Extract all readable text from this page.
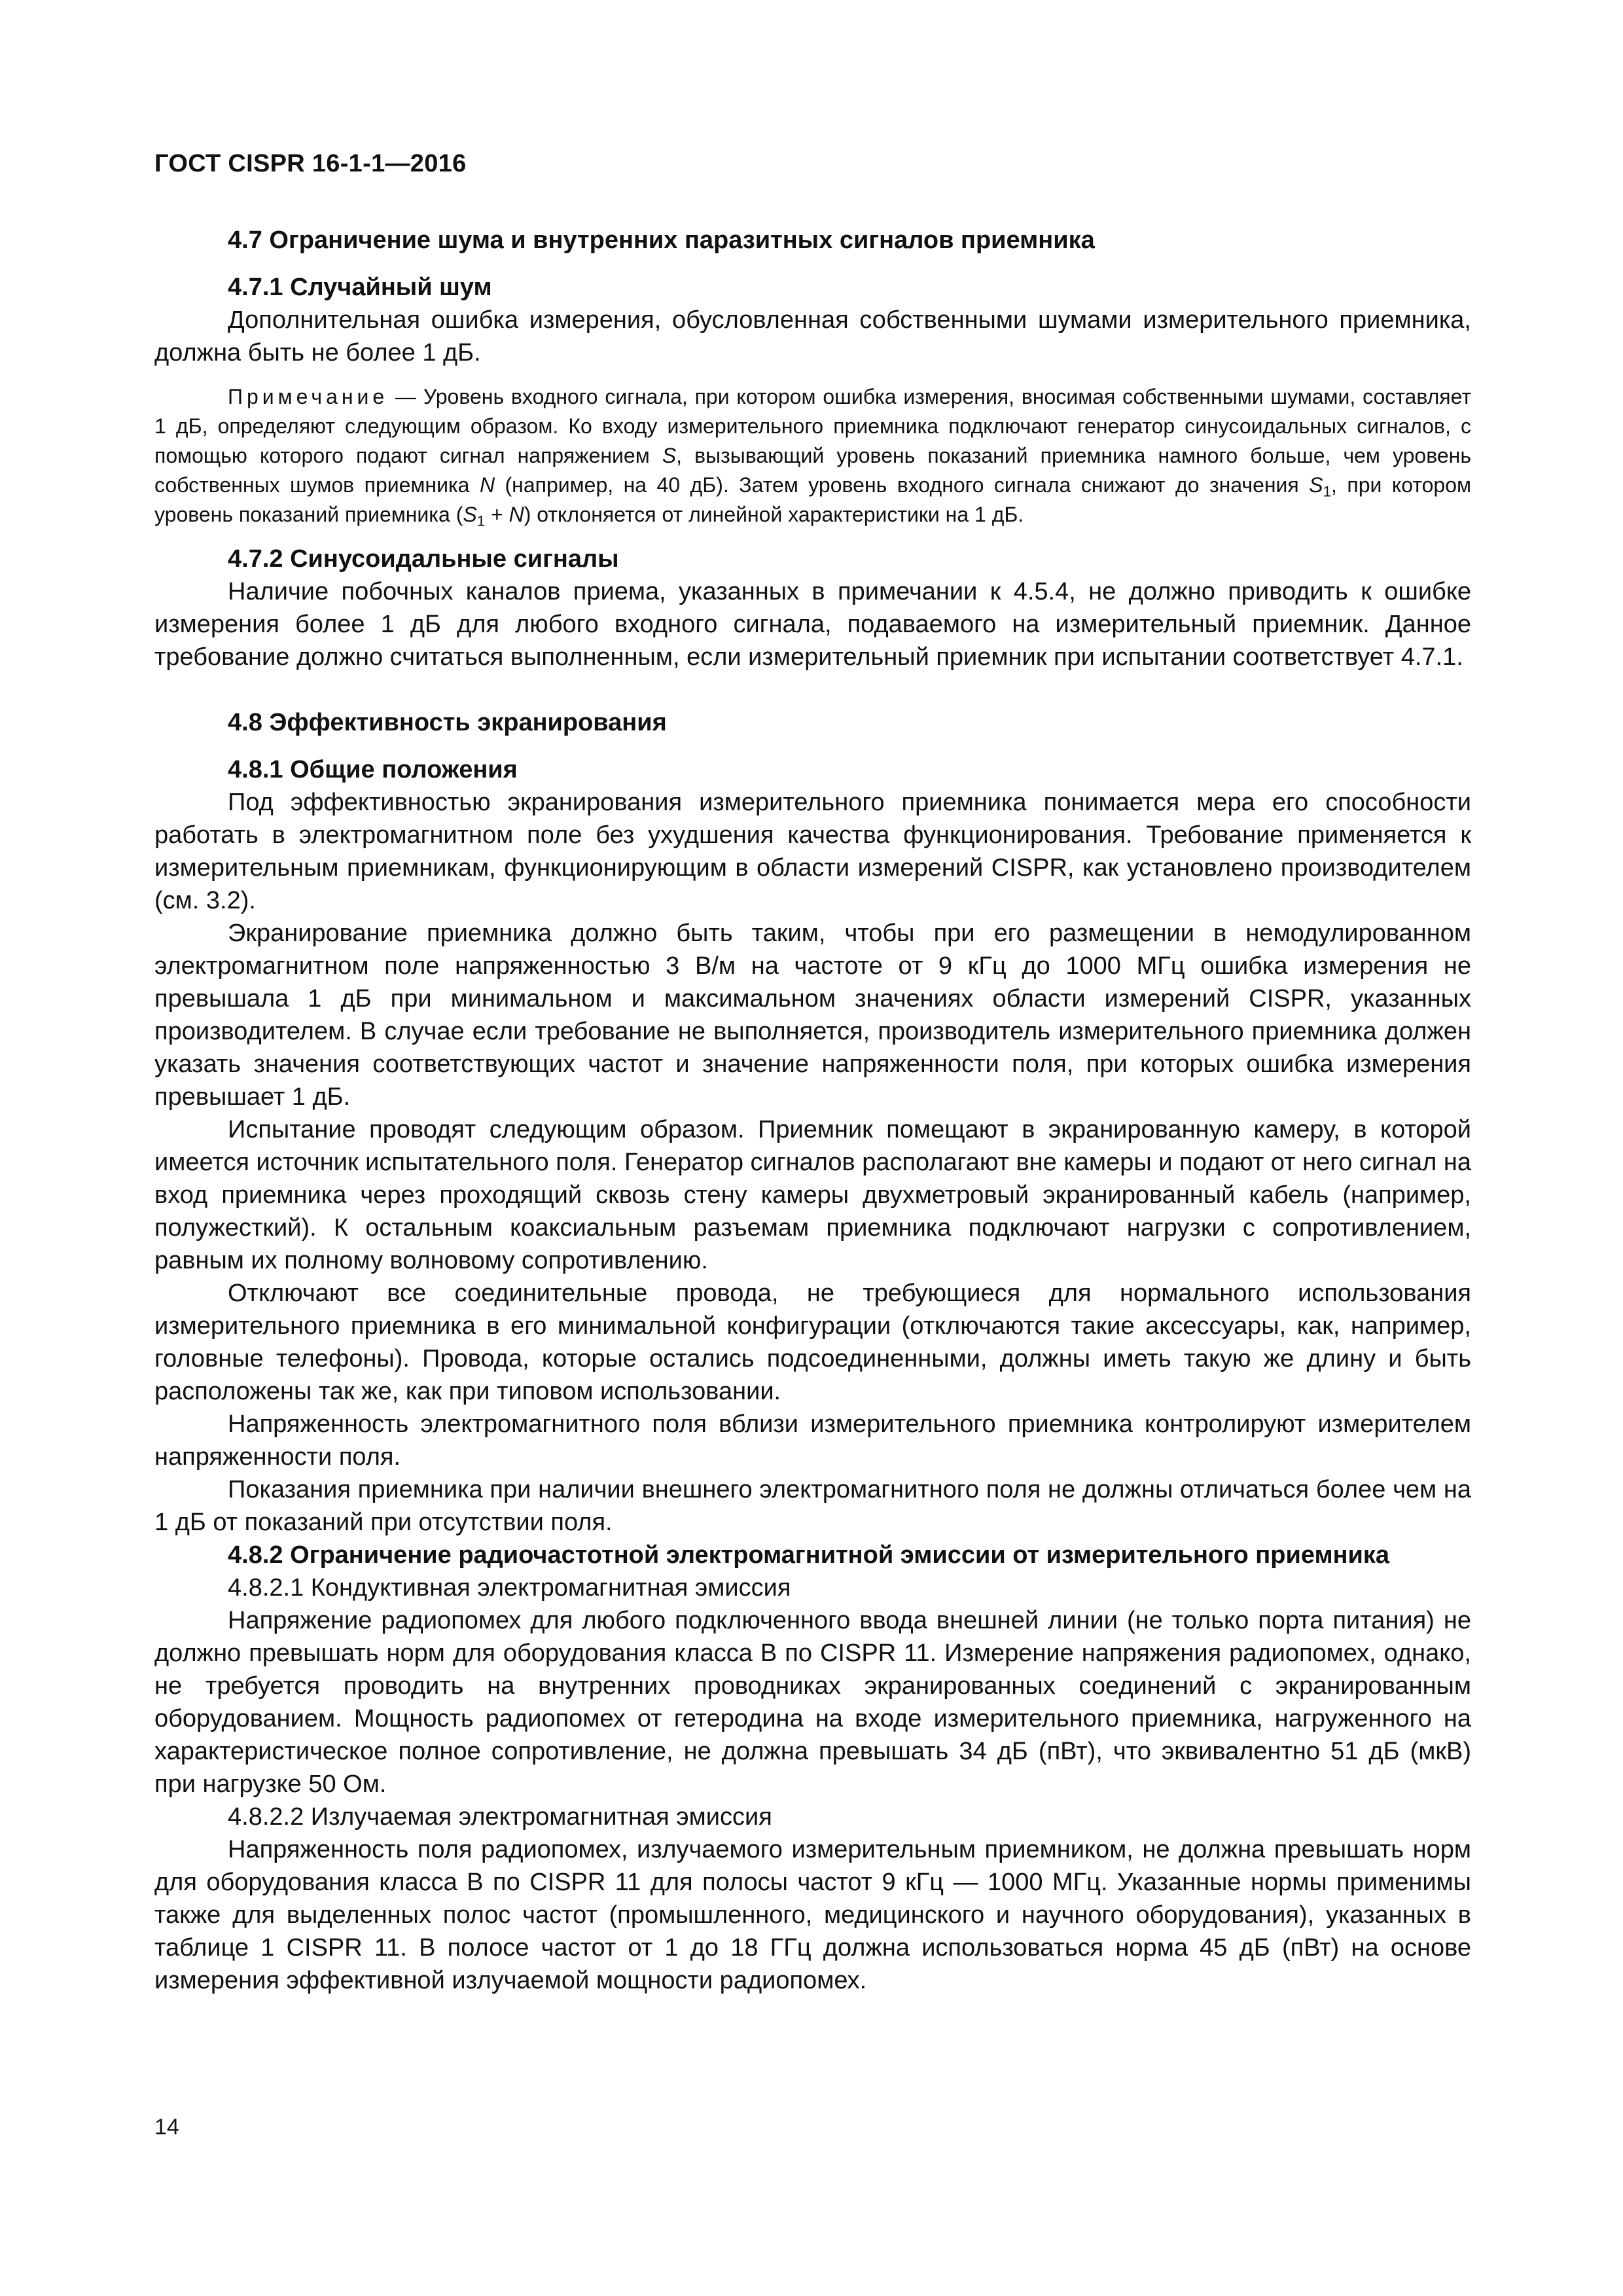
ГОСТ CISPR 16-1-1—2016

4.7 Ограничение шума и внутренних паразитных сигналов приемника

4.7.1 Случайный шум

Дополнительная ошибка измерения, обусловленная собственными шумами измерительного приемника, должна быть не более 1 дБ.

Примечание — Уровень входного сигнала, при котором ошибка измерения, вносимая собственными шумами, составляет 1 дБ, определяют следующим образом. Ко входу измерительного приемника подключают генератор синусоидальных сигналов, с помощью которого подают сигнал напряжением S, вызывающий уровень показаний приемника намного больше, чем уровень собственных шумов приемника N (например, на 40 дБ). Затем уровень входного сигнала снижают до значения $S_1$, при котором уровень показаний приемника $(S_1 + N)$ отклоняется от линейной характеристики на 1 дБ.

4.7.2 Синусоидальные сигналы

Наличие побочных каналов приема, указанных в примечании к 4.5.4, не должно приводить к ошибке измерения более 1 дБ для любого входного сигнала, подаваемого на измерительный приемник. Данное требование должно считаться выполненным, если измерительный приемник при испытании соответствует 4.7.1.

4.8 Эффективность экранирования

4.8.1 Общие положения

Под эффективностью экранирования измерительного приемника понимается мера его способности работать в электромагнитном поле без ухудшения качества функционирования. Требование применяется к измерительным приемникам, функционирующим в области измерений CISPR, как установлено производителем (см. 3.2).

Экранирование приемника должно быть таким, чтобы при его размещении в немодулированном электромагнитном поле напряженностью 3 В/м на частоте от 9 кГц до 1000 МГц ошибка измерения не превышала 1 дБ при минимальном и максимальном значениях области измерений CISPR, указанных производителем. В случае если требование не выполняется, производитель измерительного приемника должен указать значения соответствующих частот и значение напряженности поля, при которых ошибка измерения превышает 1 дБ.

Испытание проводят следующим образом. Приемник помещают в экранированную камеру, в которой имеется источник испытательного поля. Генератор сигналов располагают вне камеры и подают от него сигнал на вход приемника через проходящий сквозь стену камеры двухметровый экранированный кабель (например, полужесткий). К остальным коаксиальным разъемам приемника подключают нагрузки с сопротивлением, равным их полному волновому сопротивлению.

Отключают все соединительные провода, не требующиеся для нормального использования измерительного приемника в его минимальной конфигурации (отключаются такие аксессуары, как, например, головные телефоны). Провода, которые остались подсоединенными, должны иметь такую же длину и быть расположены так же, как при типовом использовании.

Напряженность электромагнитного поля вблизи измерительного приемника контролируют измерителем напряженности поля.

Показания приемника при наличии внешнего электромагнитного поля не должны отличаться более чем на 1 дБ от показаний при отсутствии поля.

4.8.2 Ограничение радиочастотной электромагнитной эмиссии от измерительного приемника

4.8.2.1 Кондуктивная электромагнитная эмиссия

Напряжение радиопомех для любого подключенного ввода внешней линии (не только порта питания) не должно превышать норм для оборудования класса B по CISPR 11. Измерение напряжения радиопомех, однако, не требуется проводить на внутренних проводниках экранированных соединений с экранированным оборудованием. Мощность радиопомех от гетеродина на входе измерительного приемника, нагруженного на характеристическое полное сопротивление, не должна превышать 34 дБ (пВт), что эквивалентно 51 дБ (мкВ) при нагрузке 50 Ом.

4.8.2.2 Излучаемая электромагнитная эмиссия

Напряженность поля радиопомех, излучаемого измерительным приемником, не должна превышать норм для оборудования класса B по CISPR 11 для полосы частот 9 кГц — 1000 МГц. Указанные нормы применимы также для выделенных полос частот (промышленного, медицинского и научного оборудования), указанных в таблице 1 CISPR 11. В полосе частот от 1 до 18 ГГц должна использоваться норма 45 дБ (пВт) на основе измерения эффективной излучаемой мощности радиопомех.

14
